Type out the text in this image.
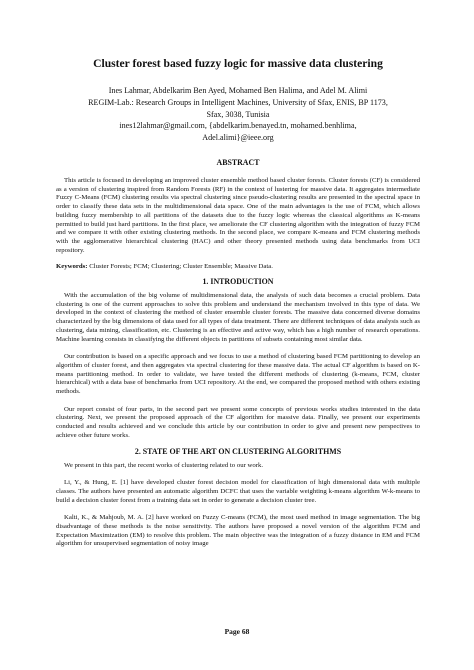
Cluster forest based fuzzy logic for massive data clustering
Ines Lahmar, Abdelkarim Ben Ayed, Mohamed Ben Halima, and Adel M. Alimi
REGIM-Lab.: Research Groups in Intelligent Machines, University of Sfax, ENIS, BP 1173,
Sfax, 3038, Tunisia
ines12lahmar@gmail.com, {abdelkarim.benayed.tn, mohamed.benhlima,
Adel.alimi}@ieee.org
ABSTRACT

This article is focused in developing an improved cluster ensemble method based cluster forests. Cluster forests (CF) is considered as a version of clustering inspired from Random Forests (RF) in the context of lustering for massive data. It aggregates intermediate Fuzzy C-Means (FCM) clustering results via spectral clustering since pseudo-clustering results are presented in the spectral space in order to classify these data sets in the multidimensional data space. One of the main advantages is the use of FCM, which allows building fuzzy membership to all partitions of the datasets due to the fuzzy logic whereas the classical algorithms as K-means permitted to build just hard partitions. In the first place, we ameliorate the CF clustering algorithm with the integration of fuzzy FCM and we compare it with other existing clustering methods. In the second place, we compare K-means and FCM clustering methods with the agglomerative hierarchical clustering (HAC) and other theory presented methods using data benchmarks from UCI repository.

Keywords: Cluster Forests; FCM; Clustering; Cluster Ensemble; Massive Data.

1. INTRODUCTION

With the accumulation of the big volume of multidimensional data, the analysis of such data becomes a crucial problem. Data clustering is one of the current approaches to solve this problem and understand the mechanism involved in this type of data. We developed in the context of clustering the method of cluster ensemble cluster forests. The massive data concerned diverse domains characterized by the big dimensions of data used for all types of data treatment. There are different techniques of data analysis such as clustering, data mining, classification, etc. Clustering is an effective and active way, which has a high number of research operations. Machine learning consists in classifying the different objects in partitions of subsets containing most similar data.

Our contribution is based on a specific approach and we focus to use a method of clustering based FCM partitioning to develop an algorithm of cluster forest, and then aggregates via spectral clustering for these massive data. The actual CF algorithm is based on K-means partitioning method. In order to validate, we have tested the different methods of clustering (k-means, FCM, cluster hierarchical) with a data base of benchmarks from UCI repository. At the end, we compared the proposed method with others existing methods.

Our report consist of four parts, in the second part we present some concepts of previous works studies interested in the data clustering. Next, we present the proposed approach of the CF algorithm for massive data. Finally, we present our experiments conducted and results achieved and we conclude this article by our contribution in order to give and present new perspectives to achieve other future works.

2. STATE OF THE ART ON CLUSTERING ALGORITHMS

We present in this part, the recent works of clustering related to our work.

Li, Y., & Hung, E. [1] have developed cluster forest decision model for classification of high dimensional data with multiple classes. The authors have presented an automatic algorithm DCFC that uses the variable weighting k-means algorithm W-k-means to build a decision cluster forest from a training data set in order to generate a decision cluster tree.

Kalti, K., & Mahjoub, M. A. [2] have worked on Fuzzy C-means (FCM), the most used method in image segmentation. The big disadvantage of these methods is the noise sensitivity. The authors have proposed a novel version of the algorithm FCM and Expectation Maximization (EM) to resolve this problem. The main objective was the integration of a fuzzy distance in EM and FCM algorithm for unsupervised segmentation of noisy image

Page 68
